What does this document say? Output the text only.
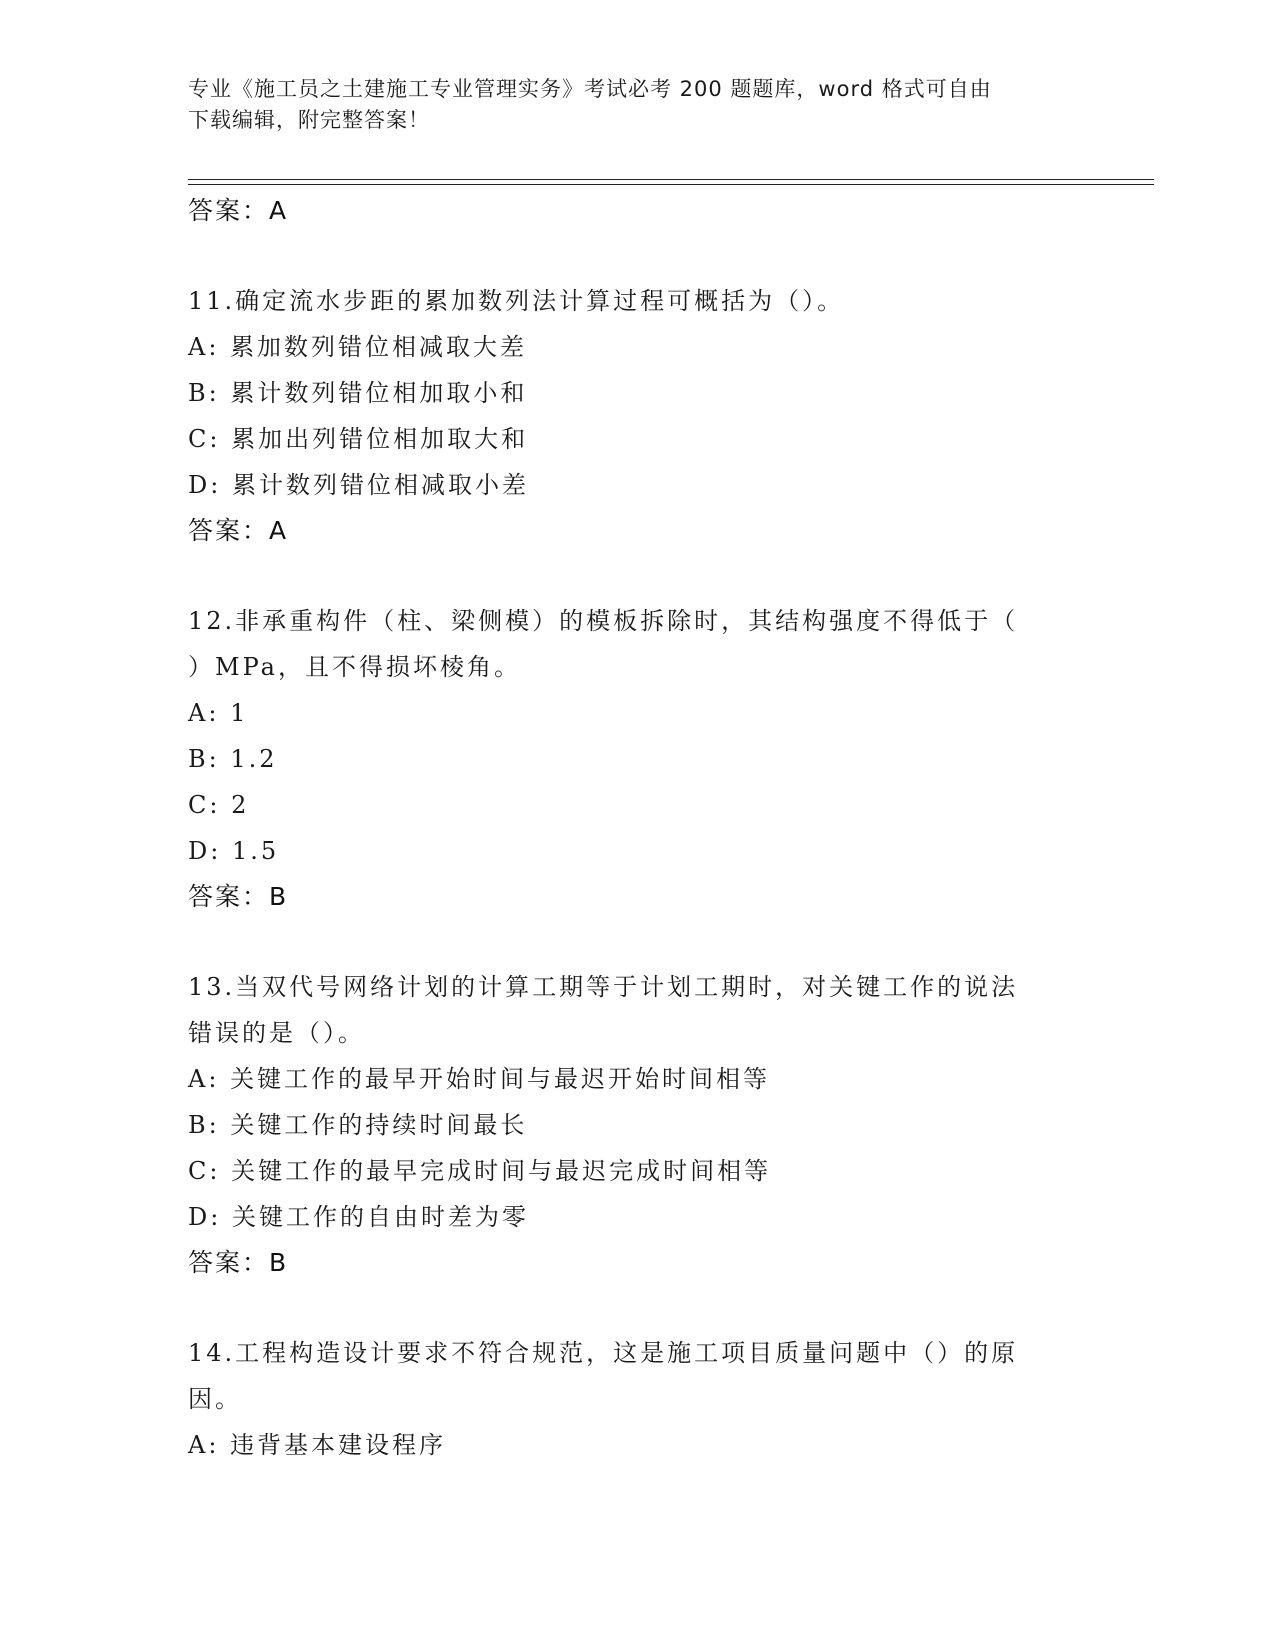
专业《施工员之土建施工专业管理实务》考试必考 200 题题库，word 格式可自由
下载编辑，附完整答案！
答案：A
11.确定流水步距的累加数列法计算过程可概括为（）。
A: 累加数列错位相减取大差
B: 累计数列错位相加取小和
C: 累加出列错位相加取大和
D: 累计数列错位相减取小差
答案：A
12.非承重构件（柱、梁侧模）的模板拆除时，其结构强度不得低于（
）MPa，且不得损坏棱角。
A: 1
B: 1.2
C: 2
D: 1.5
答案：B
13.当双代号网络计划的计算工期等于计划工期时，对关键工作的说法
错误的是（）。
A: 关键工作的最早开始时间与最迟开始时间相等
B: 关键工作的持续时间最长
C: 关键工作的最早完成时间与最迟完成时间相等
D: 关键工作的自由时差为零
答案：B
14.工程构造设计要求不符合规范，这是施工项目质量问题中（）的原
因。
A: 违背基本建设程序
